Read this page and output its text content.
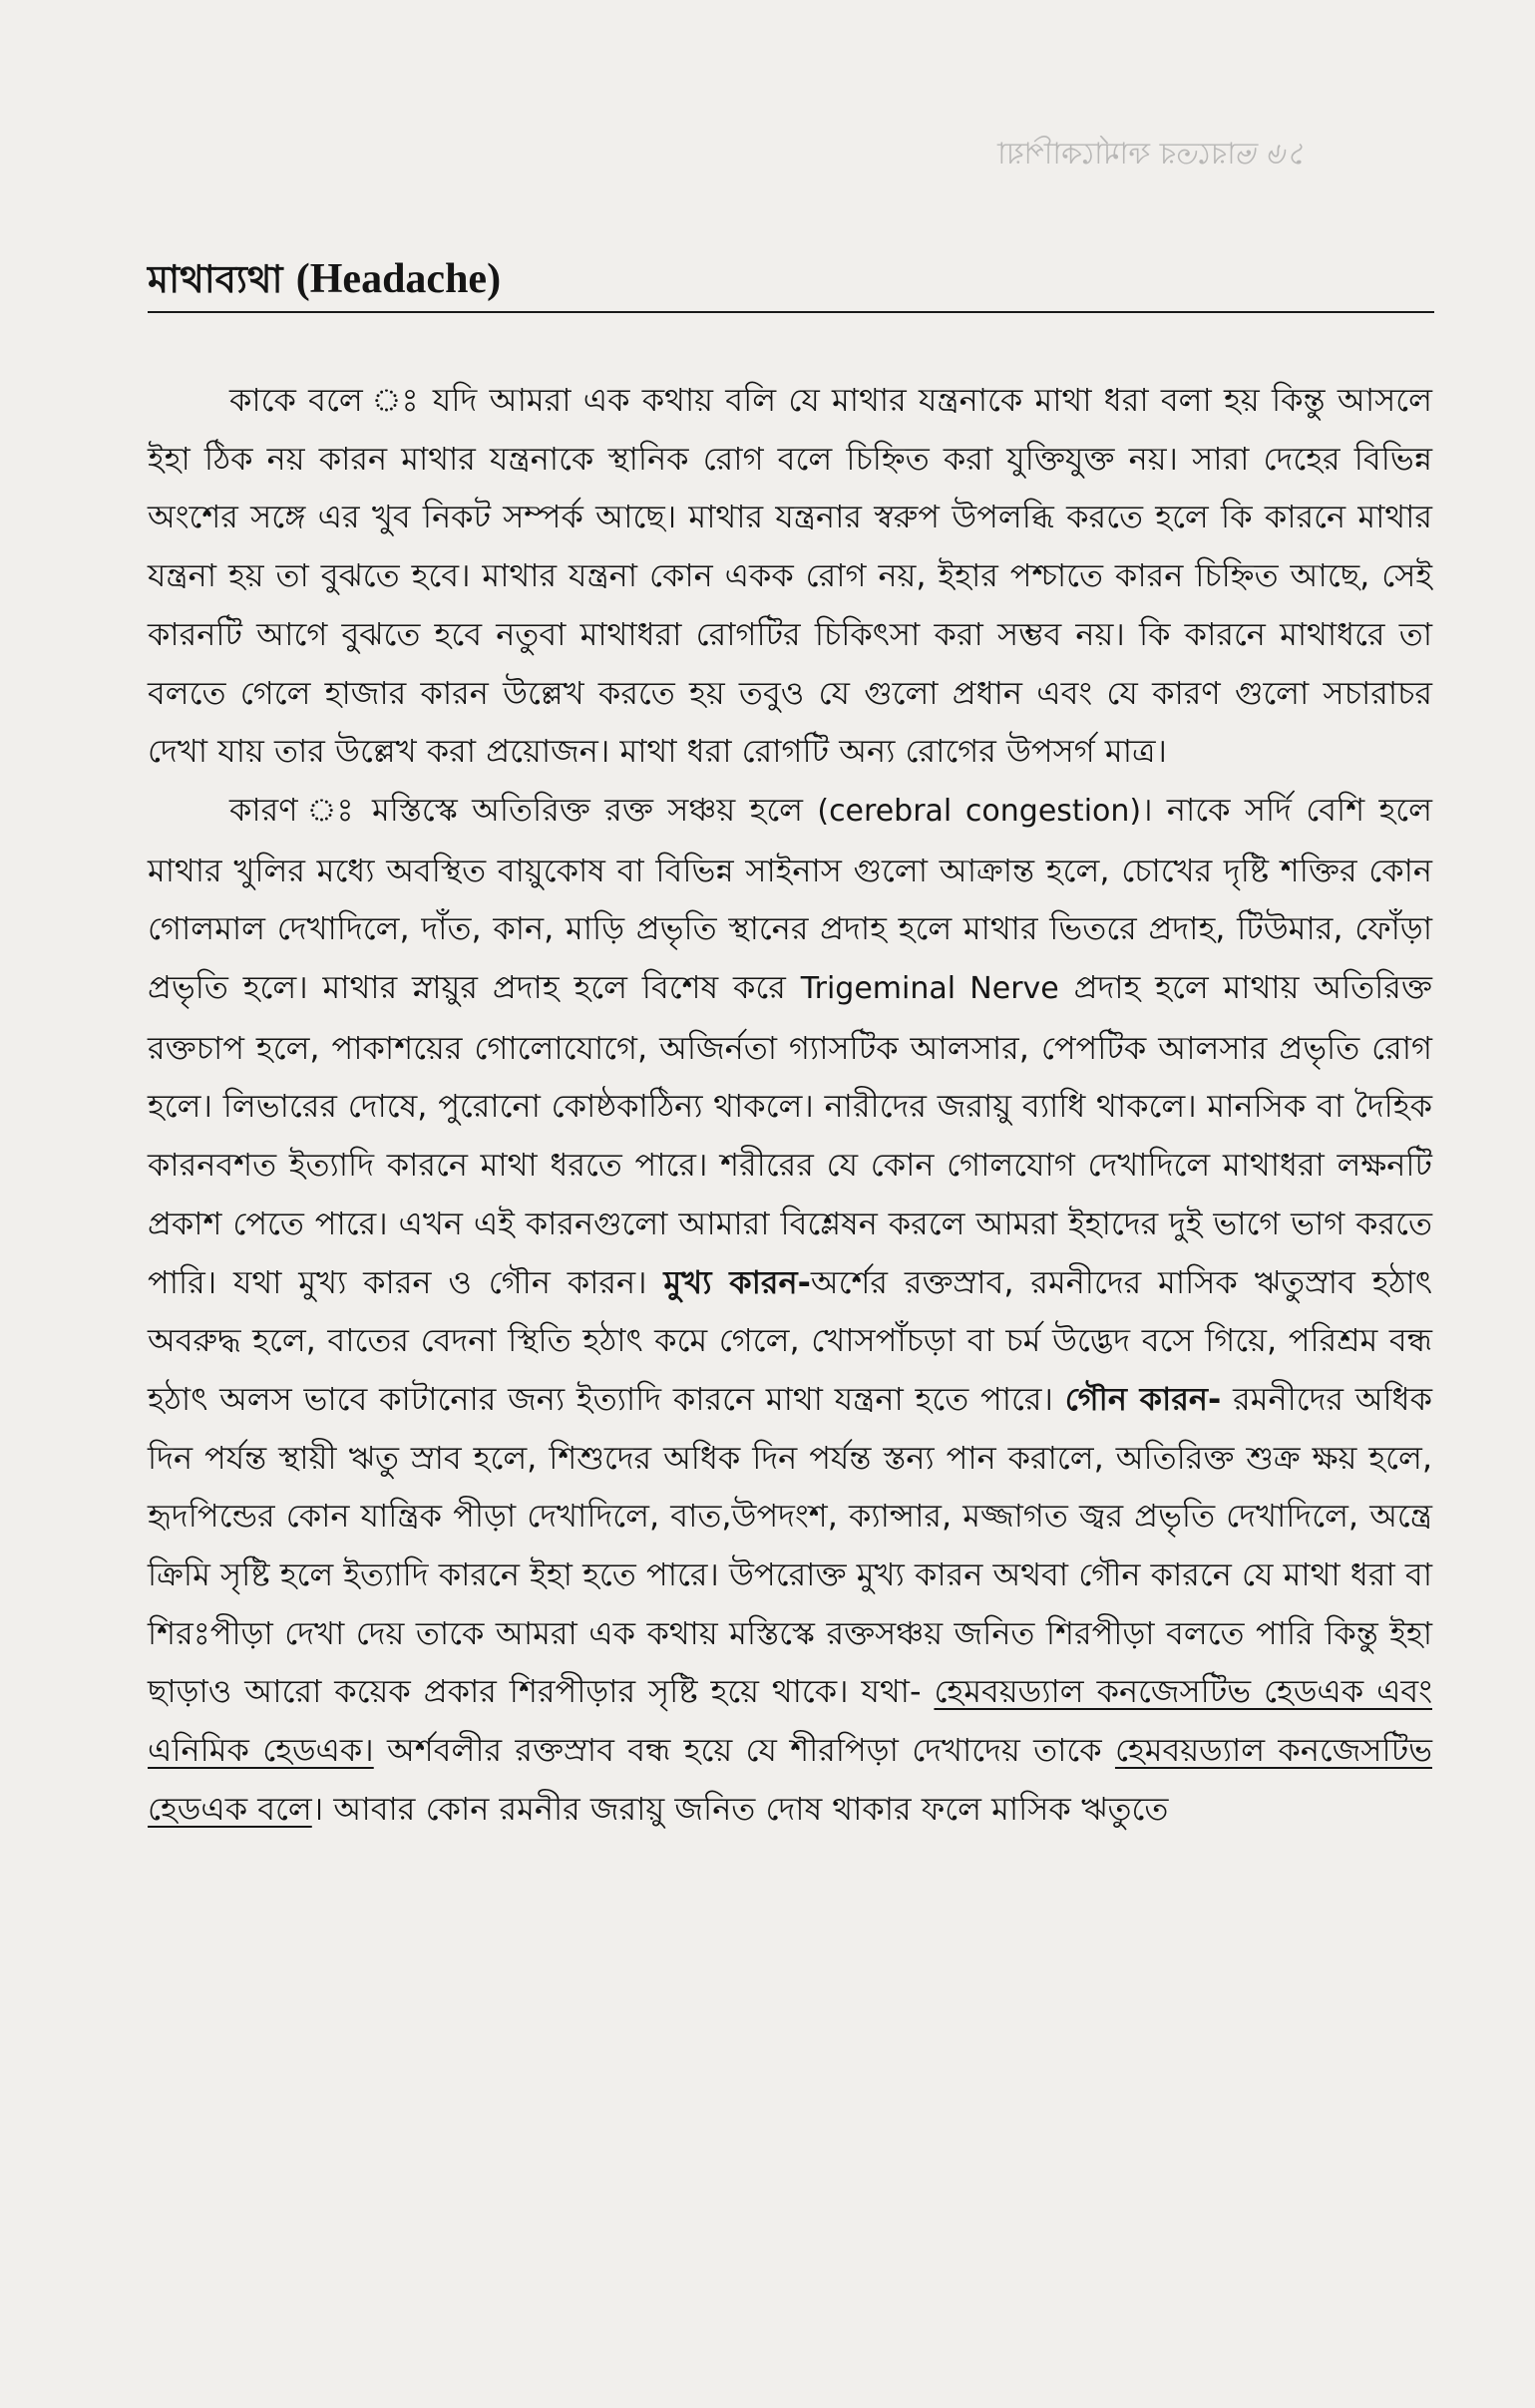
১৬ ভারতের ফার্মাকোপিয়া
মাথাব্যথা (Headache)

কাকে বলে ঃ যদি আমরা এক কথায় বলি যে মাথার যন্ত্রনাকে মাথা ধরা বলা হয় কিন্তু আসলে ইহা ঠিক নয় কারন মাথার যন্ত্রনাকে স্থানিক রোগ বলে চিহ্নিত করা যুক্তিযুক্ত নয়। সারা দেহের বিভিন্ন অংশের সঙ্গে এর খুব নিকট সম্পর্ক আছে। মাথার যন্ত্রনার স্বরুপ উপলব্ধি করতে হলে কি কারনে মাথার যন্ত্রনা হয় তা বুঝতে হবে। মাথার যন্ত্রনা কোন একক রোগ নয়, ইহার পশ্চাতে কারন চিহ্নিত আছে, সেই কারনটি আগে বুঝতে হবে নতুবা মাথাধরা রোগটির চিকিৎসা করা সম্ভব নয়। কি কারনে মাথাধরে তা বলতে গেলে হাজার কারন উল্লেখ করতে হয় তবুও যে গুলো প্রধান এবং যে কারণ গুলো সচারাচর দেখা যায় তার উল্লেখ করা প্রয়োজন। মাথা ধরা রোগটি অন্য রোগের উপসর্গ মাত্র।

কারণ ঃ মস্তিস্কে অতিরিক্ত রক্ত সঞ্চয় হলে (cerebral congestion)। নাকে সর্দি বেশি হলে মাথার খুলির মধ্যে অবস্থিত বায়ুকোষ বা বিভিন্ন সাইনাস গুলো আক্রান্ত হলে, চোখের দৃষ্টি শক্তির কোন গোলমাল দেখাদিলে, দাঁত, কান, মাড়ি প্রভৃতি স্থানের প্রদাহ হলে মাথার ভিতরে প্রদাহ, টিউমার, ফোঁড়া প্রভৃতি হলে। মাথার স্নায়ুর প্রদাহ হলে বিশেষ করে Trigeminal Nerve প্রদাহ হলে মাথায় অতিরিক্ত রক্তচাপ হলে, পাকাশয়ের গোলোযোগে, অজির্নতা গ্যাসটিক আলসার, পেপটিক আলসার প্রভৃতি রোগ হলে। লিভারের দোষে, পুরোনো কোষ্ঠকাঠিন্য থাকলে। নারীদের জরায়ু ব্যাধি থাকলে। মানসিক বা দৈহিক কারনবশত ইত্যাদি কারনে মাথা ধরতে পারে। শরীরের যে কোন গোলযোগ দেখাদিলে মাথাধরা লক্ষনটি প্রকাশ পেতে পারে। এখন এই কারনগুলো আমারা বিশ্লেষন করলে আমরা ইহাদের দুই ভাগে ভাগ করতে পারি। যথা মুখ্য কারন ও গৌন কারন। মুখ্য কারন-অর্শের রক্তস্রাব, রমনীদের মাসিক ঋতুস্রাব হঠাৎ অবরুদ্ধ হলে, বাতের বেদনা স্থিতি হঠাৎ কমে গেলে, খোসপাঁচড়া বা চর্ম উদ্ভেদ বসে গিয়ে, পরিশ্রম বন্ধ হঠাৎ অলস ভাবে কাটানোর জন্য ইত্যাদি কারনে মাথা যন্ত্রনা হতে পারে। গৌন কারন- রমনীদের অধিক দিন পর্যন্ত স্থায়ী ঋতু স্রাব হলে, শিশুদের অধিক দিন পর্যন্ত স্তন্য পান করালে, অতিরিক্ত শুক্র ক্ষয় হলে, হৃদপিন্ডের কোন যান্ত্রিক পীড়া দেখাদিলে, বাত,উপদংশ, ক্যান্সার, মজ্জাগত জ্বর প্রভৃতি দেখাদিলে, অন্ত্রে ক্রিমি সৃষ্টি হলে ইত্যাদি কারনে ইহা হতে পারে। উপরোক্ত মুখ্য কারন অথবা গৌন কারনে যে মাথা ধরা বা শিরঃপীড়া দেখা দেয় তাকে আমরা এক কথায় মস্তিস্কে রক্তসঞ্চয় জনিত শিরপীড়া বলতে পারি কিন্তু ইহা ছাড়াও আরো কয়েক প্রকার শিরপীড়ার সৃষ্টি হয়ে থাকে। যথা- হেমবয়ড্যাল কনজেসটিভ হেডএক এবং এনিমিক হেডএক। অর্শবলীর রক্তস্রাব বন্ধ হয়ে যে শীরপিড়া দেখাদেয় তাকে হেমবয়ড্যাল কনজেসটিভ হেডএক বলে। আবার কোন রমনীর জরায়ু জনিত দোষ থাকার ফলে মাসিক ঋতুতে
